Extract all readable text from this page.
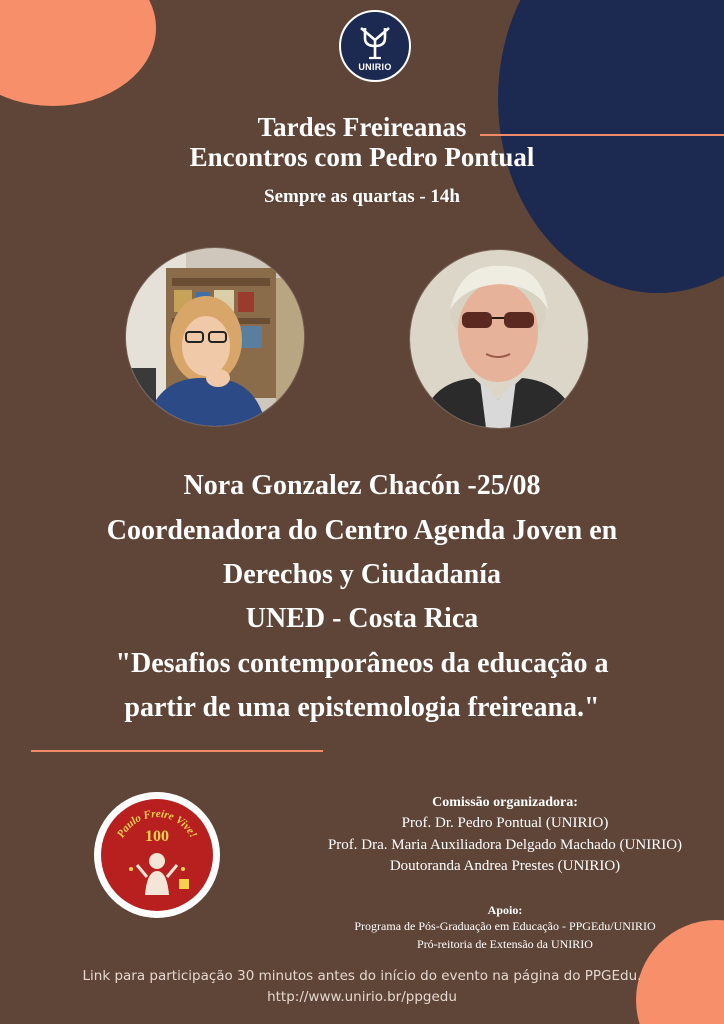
UNIRIO
Tardes Freireanas
Encontros com Pedro Pontual
Sempre as quartas - 14h
Nora Gonzalez Chacón -25/08
Coordenadora do Centro Agenda Joven en
Derechos y Ciudadanía
UNED - Costa Rica
"Desafios contemporâneos da educação a
partir de uma epistemologia freireana."
Paulo Freire Vive!
100
Comissão organizadora:
Prof. Dr. Pedro Pontual (UNIRIO)
Prof. Dra. Maria Auxiliadora Delgado Machado (UNIRIO)
Doutoranda Andrea Prestes (UNIRIO)
Apoio:
Programa de Pós-Graduação em Educação - PPGEdu/UNIRIO
Pró-reitoria de Extensão da UNIRIO
Link para participação 30 minutos antes do início do evento na página do PPGEdu.
http://www.unirio.br/ppgedu
